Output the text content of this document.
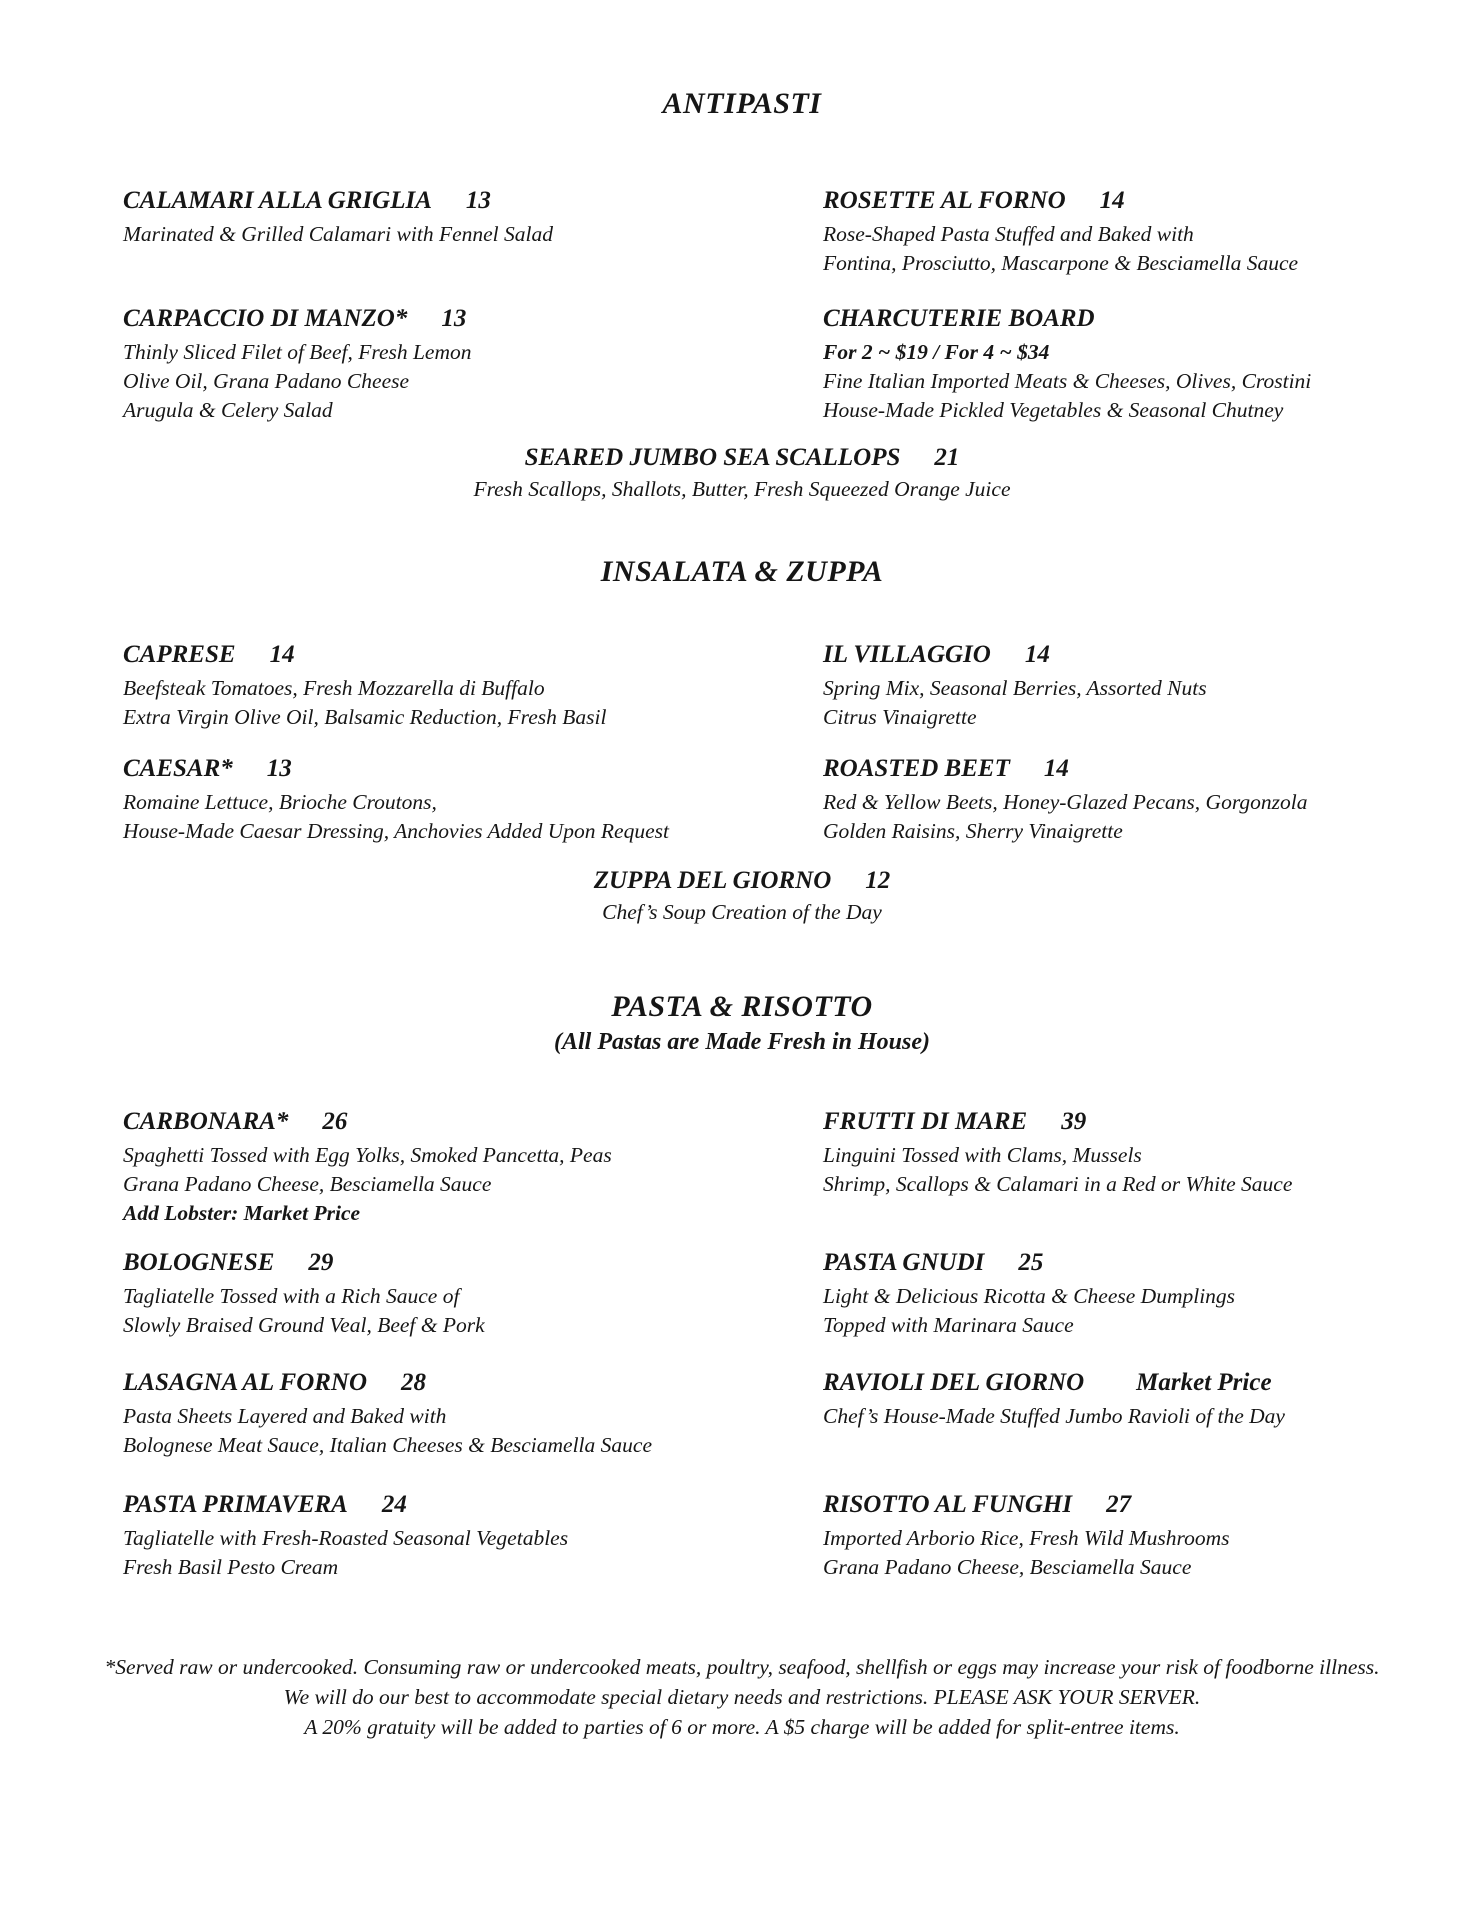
ANTIPASTI
CALAMARI ALLA GRIGLIA 13
Marinated & Grilled Calamari with Fennel Salad
ROSETTE AL FORNO 14
Rose-Shaped Pasta Stuffed and Baked with
Fontina, Prosciutto, Mascarpone & Besciamella Sauce
CARPACCIO DI MANZO* 13
Thinly Sliced Filet of Beef, Fresh Lemon
Olive Oil, Grana Padano Cheese
Arugula & Celery Salad
CHARCUTERIE BOARD
For 2 ~ $19 / For 4 ~ $34
Fine Italian Imported Meats & Cheeses, Olives, Crostini
House-Made Pickled Vegetables & Seasonal Chutney
SEARED JUMBO SEA SCALLOPS 21
Fresh Scallops, Shallots, Butter, Fresh Squeezed Orange Juice
INSALATA & ZUPPA
CAPRESE 14
Beefsteak Tomatoes, Fresh Mozzarella di Buffalo
Extra Virgin Olive Oil, Balsamic Reduction, Fresh Basil
IL VILLAGGIO 14
Spring Mix, Seasonal Berries, Assorted Nuts
Citrus Vinaigrette
CAESAR* 13
Romaine Lettuce, Brioche Croutons,
House-Made Caesar Dressing, Anchovies Added Upon Request
ROASTED BEET 14
Red & Yellow Beets, Honey-Glazed Pecans, Gorgonzola
Golden Raisins, Sherry Vinaigrette
ZUPPA DEL GIORNO 12
Chef’s Soup Creation of the Day
PASTA & RISOTTO
(All Pastas are Made Fresh in House)
CARBONARA* 26
Spaghetti Tossed with Egg Yolks, Smoked Pancetta, Peas
Grana Padano Cheese, Besciamella Sauce
Add Lobster: Market Price
FRUTTI DI MARE 39
Linguini Tossed with Clams, Mussels
Shrimp, Scallops & Calamari in a Red or White Sauce
BOLOGNESE 29
Tagliatelle Tossed with a Rich Sauce of
Slowly Braised Ground Veal, Beef & Pork
PASTA GNUDI 25
Light & Delicious Ricotta & Cheese Dumplings
Topped with Marinara Sauce
LASAGNA AL FORNO 28
Pasta Sheets Layered and Baked with
Bolognese Meat Sauce, Italian Cheeses & Besciamella Sauce
RAVIOLI DEL GIORNO Market Price
Chef’s House-Made Stuffed Jumbo Ravioli of the Day
PASTA PRIMAVERA 24
Tagliatelle with Fresh-Roasted Seasonal Vegetables
Fresh Basil Pesto Cream
RISOTTO AL FUNGHI 27
Imported Arborio Rice, Fresh Wild Mushrooms
Grana Padano Cheese, Besciamella Sauce
*Served raw or undercooked. Consuming raw or undercooked meats, poultry, seafood, shellfish or eggs may increase your risk of foodborne illness.
We will do our best to accommodate special dietary needs and restrictions. PLEASE ASK YOUR SERVER.
A 20% gratuity will be added to parties of 6 or more. A $5 charge will be added for split-entree items.
